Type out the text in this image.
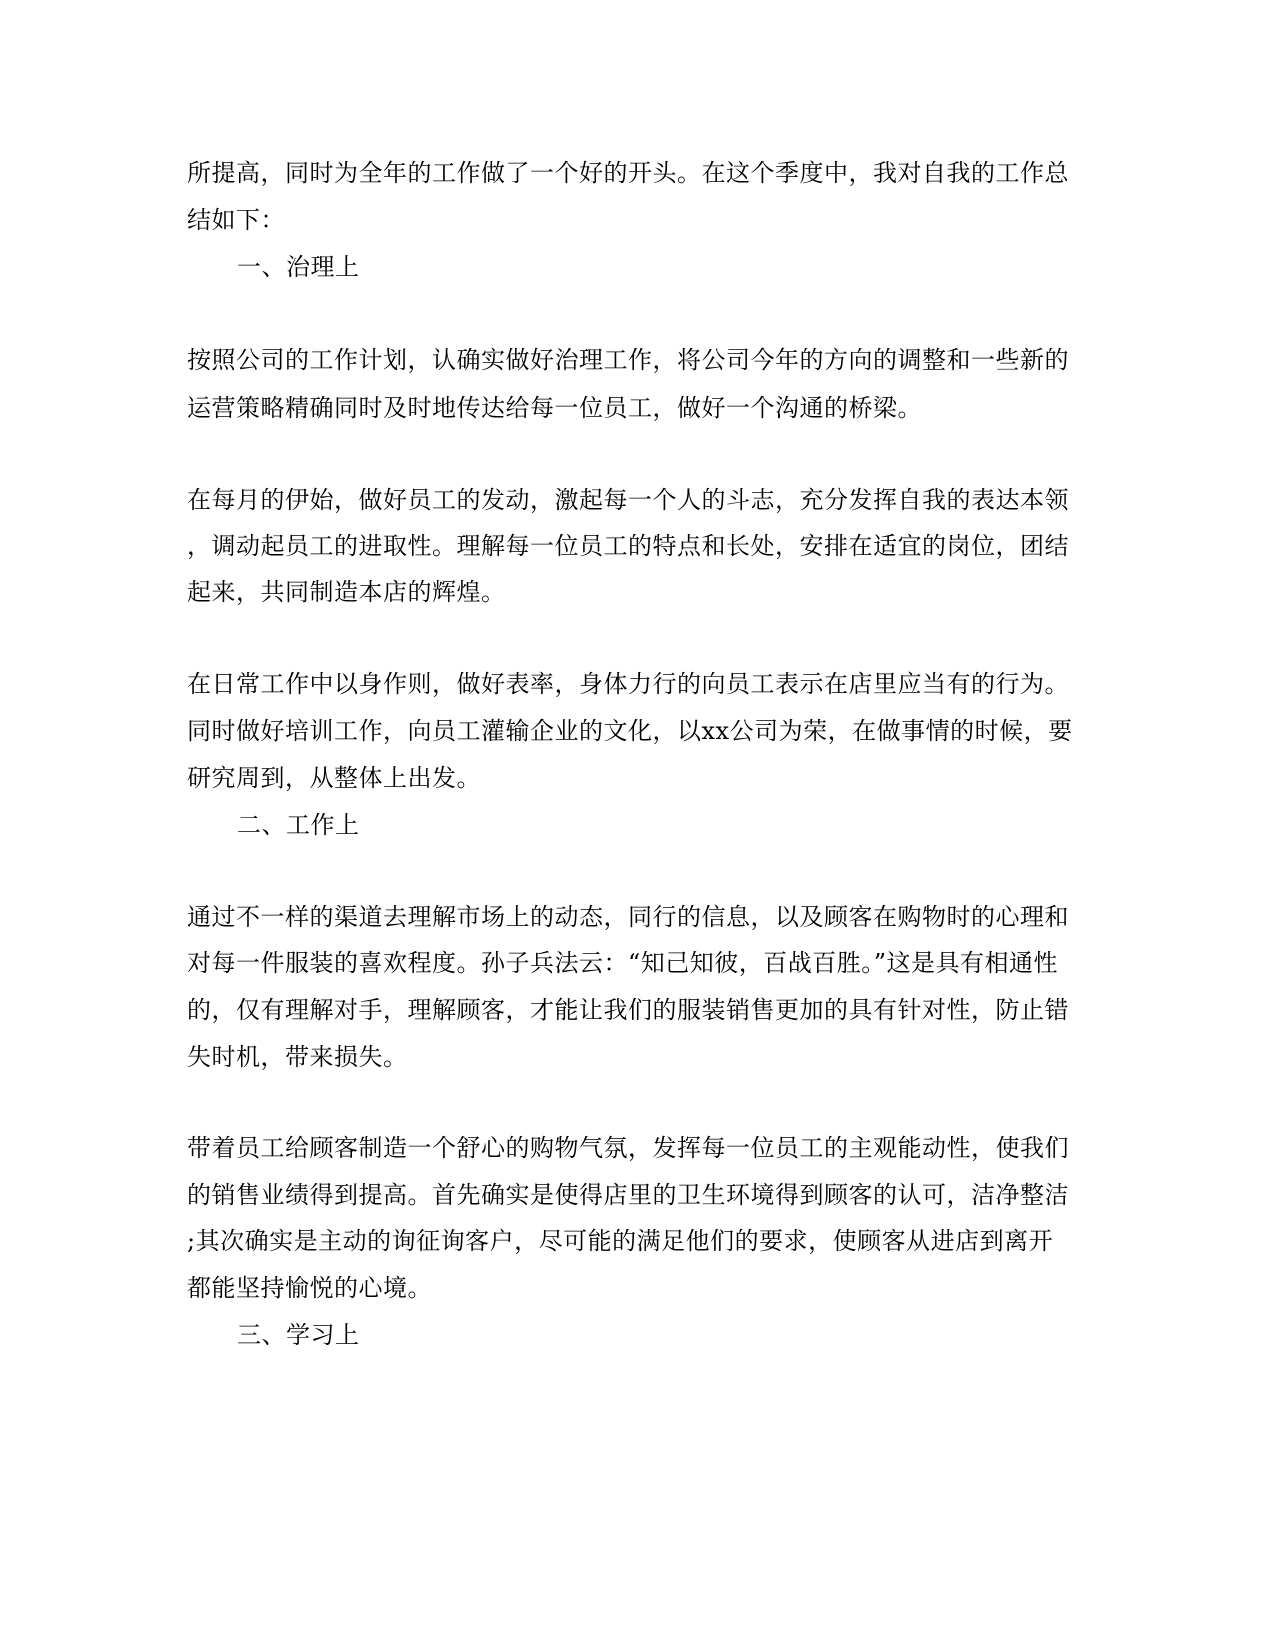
所提高，同时为全年的工作做了一个好的开头。在这个季度中，我对自我的工作总
结如下：
一、治理上
按照公司的工作计划，认确实做好治理工作，将公司今年的方向的调整和一些新的
运营策略精确同时及时地传达给每一位员工，做好一个沟通的桥梁。
在每月的伊始，做好员工的发动，激起每一个人的斗志，充分发挥自我的表达本领
，调动起员工的进取性。理解每一位员工的特点和长处，安排在适宜的岗位，团结
起来，共同制造本店的辉煌。
在日常工作中以身作则，做好表率，身体力行的向员工表示在店里应当有的行为。
同时做好培训工作，向员工灌输企业的文化，以xx公司为荣，在做事情的时候，要
研究周到，从整体上出发。
二、工作上
通过不一样的渠道去理解市场上的动态，同行的信息，以及顾客在购物时的心理和
对每一件服装的喜欢程度。孙子兵法云：“知己知彼，百战百胜。”这是具有相通性
的，仅有理解对手，理解顾客，才能让我们的服装销售更加的具有针对性，防止错
失时机，带来损失。
带着员工给顾客制造一个舒心的购物气氛，发挥每一位员工的主观能动性，使我们
的销售业绩得到提高。首先确实是使得店里的卫生环境得到顾客的认可，洁净整洁
;其次确实是主动的询征询客户，尽可能的满足他们的要求，使顾客从进店到离开
都能坚持愉悦的心境。
三、学习上
